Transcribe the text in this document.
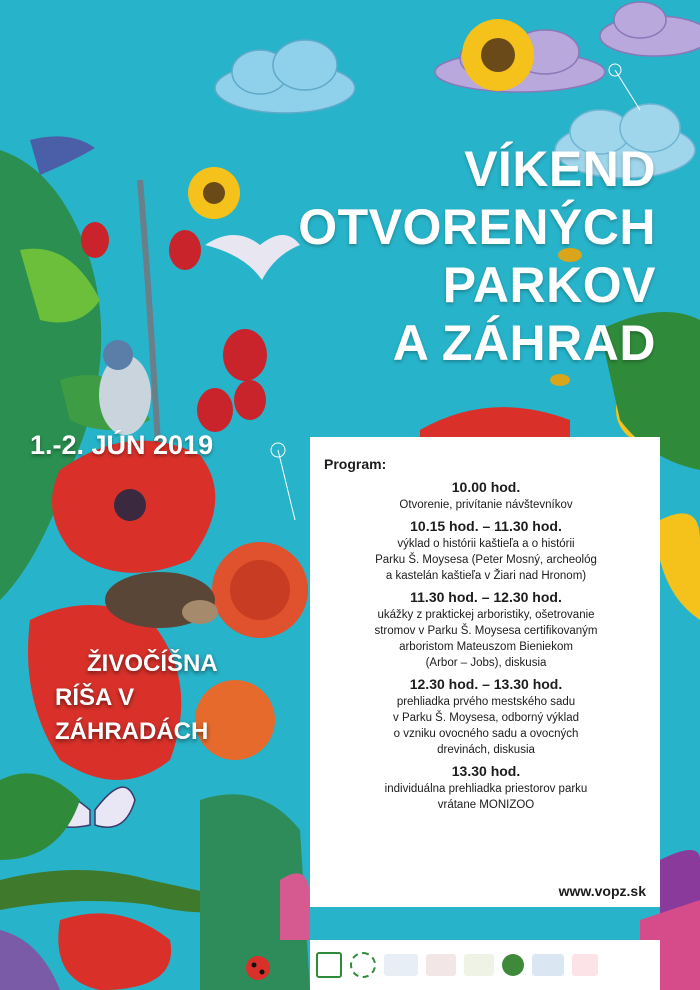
VÍKEND
OTVORENÝCH
PARKOV
A ZÁHRAD
1.-2. JÚN 2019
ŽIVOČÍŠNA
RÍŠA V
ZÁHRADÁCH
Program:
10.00 hod.
Otvorenie, privítanie návštevníkov
10.15 hod. – 11.30 hod.
výklad o histórii kaštieľa a o histórii
Parku Š. Moysesa (Peter Mosný, archeológ
a kastelán kaštieľa v Žiari nad Hronom)
11.30 hod. – 12.30 hod.
ukážky z praktickej arboristiky, ošetrovanie
stromov v Parku Š. Moysesa certifikovaným
arboristom Mateuszom Bieniekom
(Arbor – Jobs), diskusia
12.30 hod. – 13.30 hod.
prehliadka prvého mestského sadu
v Parku Š. Moysesa, odborný výklad
o vzniku ovocného sadu a ovocných
drevinách, diskusia
13.30 hod.
individuálna prehliadka priestorov parku
vrátane MONIZOO
www.vopz.sk
